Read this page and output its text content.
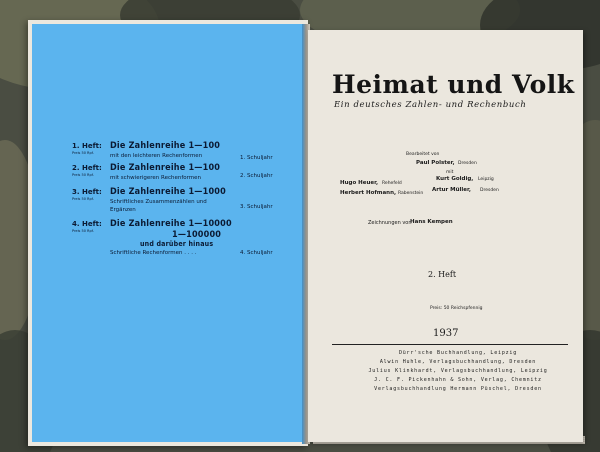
1. Heft:
Preis 50 Rpf.
Die Zahlenreihe 1—100
mit den leichteren Rechenformen	1. Schuljahr
2. Heft:
Preis 50 Rpf.
Die Zahlenreihe 1—100
mit schwierigeren Rechenformen	2. Schuljahr
3. Heft:
Preis 50 Rpf.
Die Zahlenreihe 1—1000
Schriftliches Zusammenzählen und
Ergänzen	3. Schuljahr
4. Heft:
Preis 50 Rpf.
Die Zahlenreihe 1—10000
1—100000
und darüber hinaus
Schriftliche Rechenformen . . . .	4. Schuljahr
Heimat und Volk
Ein deutsches Zahlen- und Rechenbuch
Bearbeitet von
Paul Polster, Dresden
mit
Hugo Heuer, Rehefeld
Kurt Goldig, Leipzig
Herbert Hofmann, Rabenstein
Artur Müller, Dresden
Zeichnungen von
Hans Kempen
2. Heft
Preis: 50 Reichspfennig
1937
Dürr'sche Buchhandlung, Leipzig
Alwin Huhle, Verlagsbuchhandlung, Dresden
Julius Klinkhardt, Verlagsbuchhandlung, Leipzig
J. C. F. Pickenhahn & Sohn, Verlag, Chemnitz
Verlagsbuchhandlung Hermann Püschel, Dresden
